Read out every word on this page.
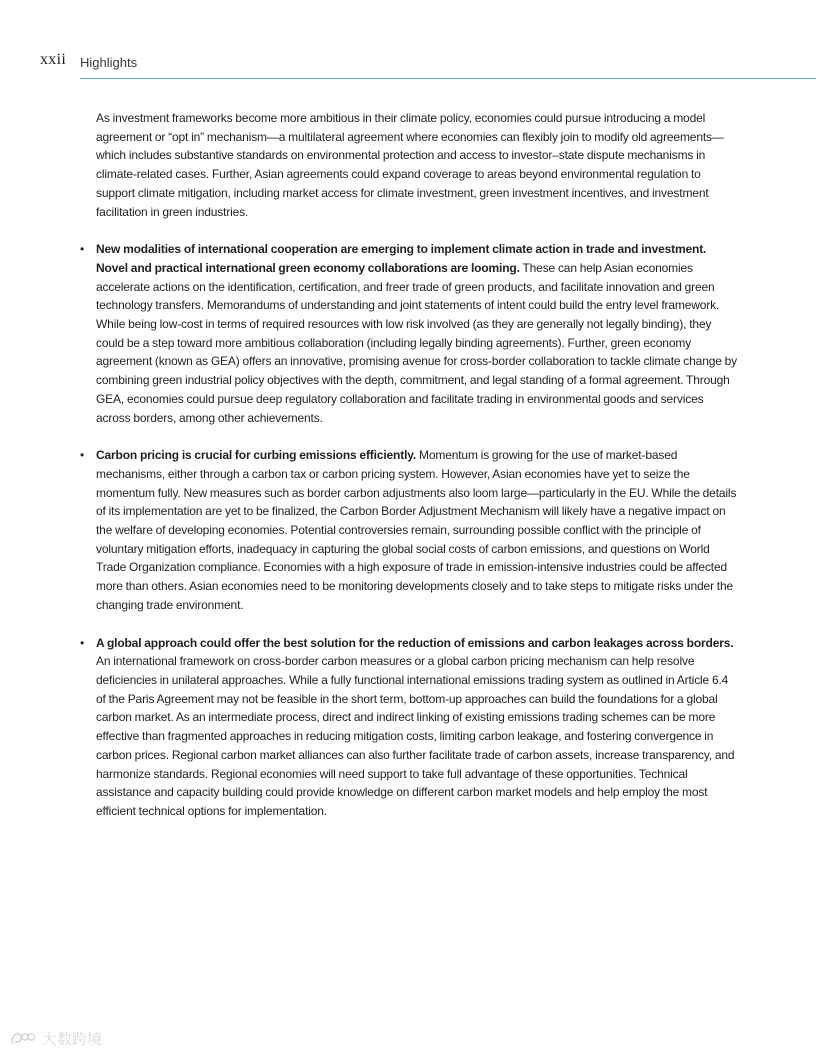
xxii Highlights

As investment frameworks become more ambitious in their climate policy, economies could pursue introducing a model agreement or “opt in” mechanism—a multilateral agreement where economies can flexibly join to modify old agreements—which includes substantive standards on environmental protection and access to investor–state dispute mechanisms in climate-related cases. Further, Asian agreements could expand coverage to areas beyond environmental regulation to support climate mitigation, including market access for climate investment, green investment incentives, and investment facilitation in green industries.

• New modalities of international cooperation are emerging to implement climate action in trade and investment. Novel and practical international green economy collaborations are looming. These can help Asian economies accelerate actions on the identification, certification, and freer trade of green products, and facilitate innovation and green technology transfers. Memorandums of understanding and joint statements of intent could build the entry level framework. While being low-cost in terms of required resources with low risk involved (as they are generally not legally binding), they could be a step toward more ambitious collaboration (including legally binding agreements). Further, green economy agreement (known as GEA) offers an innovative, promising avenue for cross-border collaboration to tackle climate change by combining green industrial policy objectives with the depth, commitment, and legal standing of a formal agreement. Through GEA, economies could pursue deep regulatory collaboration and facilitate trading in environmental goods and services across borders, among other achievements.
• Carbon pricing is crucial for curbing emissions efficiently. Momentum is growing for the use of market-based mechanisms, either through a carbon tax or carbon pricing system. However, Asian economies have yet to seize the momentum fully. New measures such as border carbon adjustments also loom large—particularly in the EU. While the details of its implementation are yet to be finalized, the Carbon Border Adjustment Mechanism will likely have a negative impact on the welfare of developing economies. Potential controversies remain, surrounding possible conflict with the principle of voluntary mitigation efforts, inadequacy in capturing the global social costs of carbon emissions, and questions on World Trade Organization compliance. Economies with a high exposure of trade in emission-intensive industries could be affected more than others. Asian economies need to be monitoring developments closely and to take steps to mitigate risks under the changing trade environment.
• A global approach could offer the best solution for the reduction of emissions and carbon leakages across borders. An international framework on cross-border carbon measures or a global carbon pricing mechanism can help resolve deficiencies in unilateral approaches. While a fully functional international emissions trading system as outlined in Article 6.4 of the Paris Agreement may not be feasible in the short term, bottom-up approaches can build the foundations for a global carbon market. As an intermediate process, direct and indirect linking of existing emissions trading schemes can be more effective than fragmented approaches in reducing mitigation costs, limiting carbon leakage, and fostering convergence in carbon prices. Regional carbon market alliances can also further facilitate trade of carbon assets, increase transparency, and harmonize standards. Regional economies will need support to take full advantage of these opportunities. Technical assistance and capacity building could provide knowledge on different carbon market models and help employ the most efficient technical options for implementation.
大数跨境
